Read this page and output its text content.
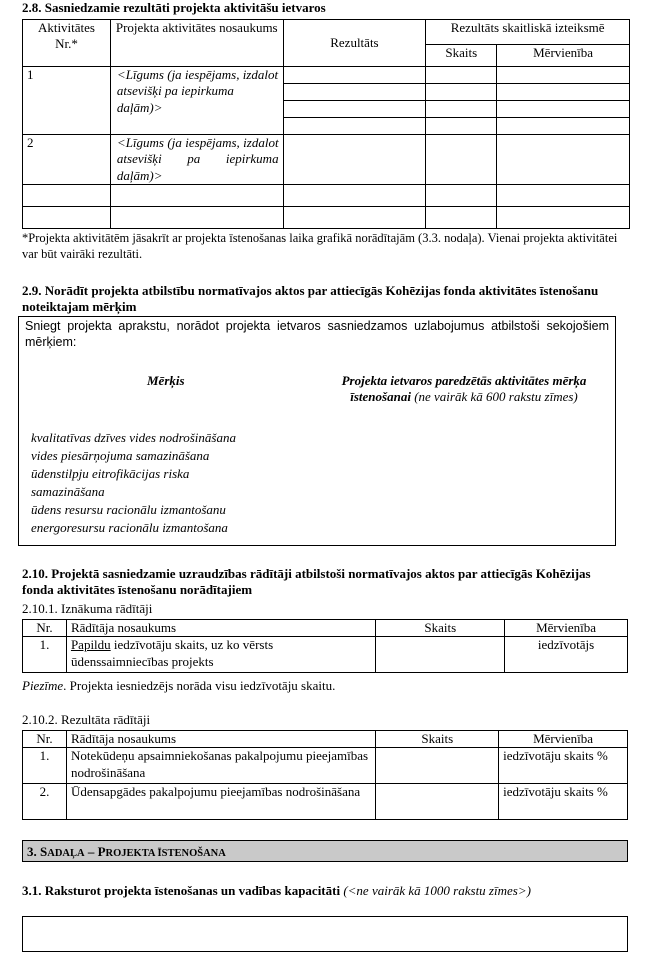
2.8. Sasniedzamie rezultāti projekta aktivitāšu ietvaros
Aktivitātes Nr.*	Projekta aktivitātes nosaukums	Rezultāts	Rezultāts skaitliskā izteiksmē	
			Skaits	Mērvienība
1	<Līgums (ja iespējams, izdalot atsevišķi pa iepirkuma daļām)>			

2	<Līgums (ja iespējams, izdalot atsevišķi pa iepirkuma daļām)>			

*Projekta aktivitātēm jāsakrīt ar projekta īstenošanas laika grafikā norādītajām (3.3. nodaļa). Vienai projekta aktivitātei var būt vairāki rezultāti.
2.9. Norādīt projekta atbilstību normatīvajos aktos par attiecīgās Kohēzijas fonda aktivitātes īstenošanu noteiktajam mērķim
Sniegt projekta aprakstu, norādot projekta ietvaros sasniedzamos uzlabojumus atbilstoši sekojošiem mērķiem:
Mērķis	Projekta ietvaros paredzētās aktivitātes mērķa īstenošanai (ne vairāk kā 600 rakstu zīmes)
kvalitatīvas dzīves vides nodrošināšana
vides piesārņojuma samazināšana
ūdenstilpju eitrofikācijas riska samazināšana
ūdens resursu racionālu izmantošanu
energoresursu racionālu izmantošana
2.10. Projektā sasniedzamie uzraudzības rādītāji atbilstoši normatīvajos aktos par attiecīgās Kohēzijas fonda aktivitātes īstenošanu norādītajiem
2.10.1. Iznākuma rādītāji
Nr.	Rādītāja nosaukums	Skaits	Mērvienība
1.	Papildu iedzīvotāju skaits, uz ko vērsts ūdenssaimniecības projekts		iedzīvotājs
Piezīme. Projekta iesniedzējs norāda visu iedzīvotāju skaitu.
2.10.2. Rezultāta rādītāji
Nr.	Rādītāja nosaukums	Skaits	Mērvienība
1.	Notekūdeņu apsaimniekošanas pakalpojumu pieejamības nodrošināšana		iedzīvotāju skaits %
2.	Ūdensapgādes pakalpojumu pieejamības nodrošināšana		iedzīvotāju skaits %
3. SADAĻA – PROJEKTA ĪSTENOŠANA
3.1. Raksturot projekta īstenošanas un vadības kapacitāti (<ne vairāk kā 1000 rakstu zīmes>)
